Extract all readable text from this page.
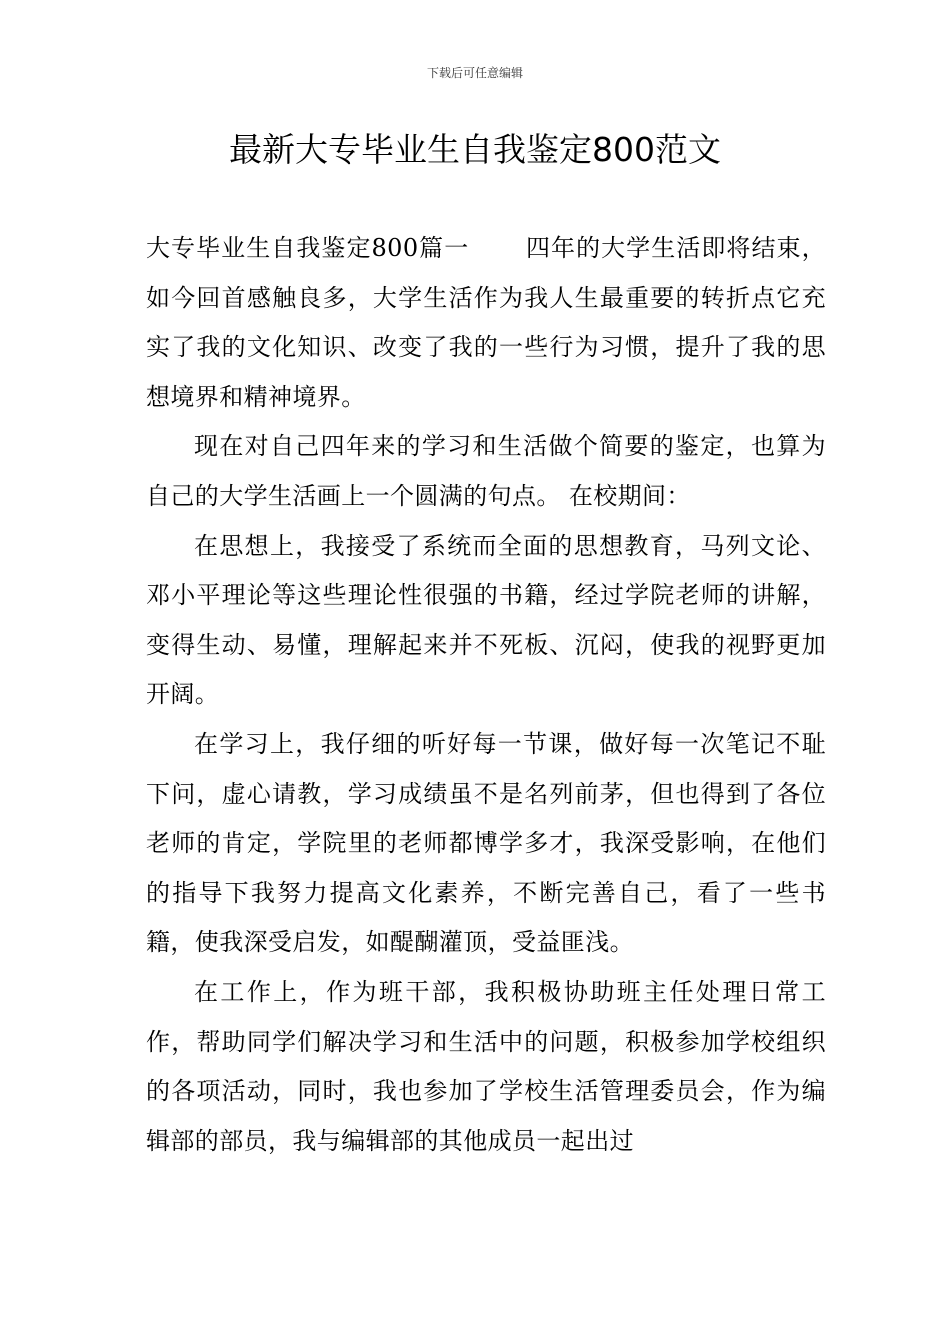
下载后可任意编辑
最新大专毕业生自我鉴定800范文

大专毕业生自我鉴定800篇一 四年的大学生活即将结束，如今回首感触良多，大学生活作为我人生最重要的转折点它充实了我的文化知识、改变了我的一些行为习惯，提升了我的思想境界和精神境界。

现在对自己四年来的学习和生活做个简要的鉴定，也算为自己的大学生活画上一个圆满的句点。 在校期间：

在思想上，我接受了系统而全面的思想教育，马列文论、邓小平理论等这些理论性很强的书籍，经过学院老师的讲解，变得生动、易懂，理解起来并不死板、沉闷，使我的视野更加开阔。

在学习上，我仔细的听好每一节课，做好每一次笔记不耻下问，虚心请教，学习成绩虽不是名列前茅，但也得到了各位老师的肯定，学院里的老师都博学多才，我深受影响，在他们的指导下我努力提高文化素养，不断完善自己，看了一些书籍，使我深受启发，如醍醐灌顶，受益匪浅。

在工作上，作为班干部，我积极协助班主任处理日常工作，帮助同学们解决学习和生活中的问题，积极参加学校组织的各项活动，同时，我也参加了学校生活管理委员会，作为编辑部的部员，我与编辑部的其他成员一起出过
